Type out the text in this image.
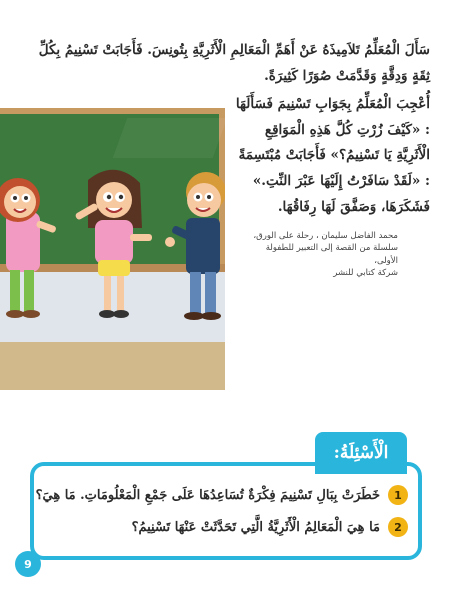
سَأَلَ الْمُعَلِّمُ تَلاَمِيذَهُ عَنْ أَهَمِّ الْمَعَالِمِ الْأَثَرِيَّةِ بِتُونِسَ. فَأَجَابَتْ تَسْنِيمُ بِكُلِّ ثِقَةٍ وَدِقَّةٍ وَقَدَّمَتْ صُوَرًا كَثِيرَةً.
أُعْجِبَ الْمُعَلِّمُ بِجَوَابِ تَسْنِيمَ فَسَأَلَهَا : «كَيْفَ زُرْتِ كُلَّ هَذِهِ الْمَوَاقِعِ الْأَثَرِيَّةِ يَا تَسْنِيمُ؟» فَأَجَابَتْ مُبْتَسِمَةً : «لَقَدْ سَافَرْتُ إِلَيْهَا عَبْرَ النِّتِ.» فَشَكَرَهَا، وَصَفَّقَ لَهَا رِفَاقُهَا.
محمد الفاضل سليمان ، رحلة على الورق،
سلسلة من القصة إلى التعبير للطفولة الأولى،
شركة كتابي للنشر
1
خَطَرَتْ بِبَالِ تَسْنِيمَ فِكْرَةٌ تُسَاعِدُهَا عَلَى جَمْعِ الْمَعْلُومَاتِ. مَا هِيَ؟
2
مَا هِيَ الْمَعَالِمُ الْأَثَرِيَّةُ الَّتِي تَحَدَّثَتْ عَنْهَا تَسْنِيمُ؟
الْأَسْئِلَةُ:
9
